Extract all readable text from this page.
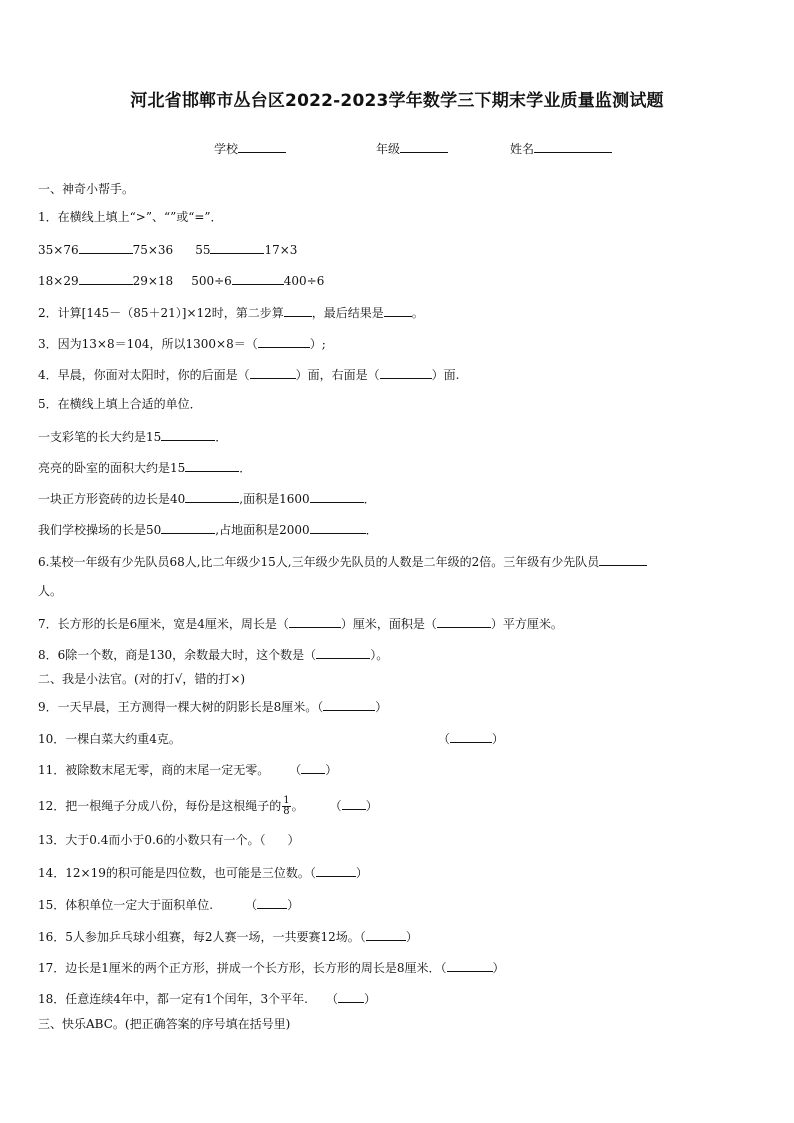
河北省邯郸市丛台区2022-2023学年数学三下期末学业质量监测试题
学校	年级	姓名
一、神奇小帮手。
1．在横线上填上“>”、“”或“=”．
35×76	75×36 55	17×3
18×29	29×18 500÷6	400÷6
2．计算[145－（85＋21）]×12时，第二步算 ，最后结果是 。
3．因为13×8＝104，所以1300×8＝（	）;
4．早晨，你面对太阳时，你的后面是（	）面，右面是（	）面.
5．在横线上填上合适的单位．
一支彩笔的长大约是15	．
亮亮的卧室的面积大约是15	．
一块正方形瓷砖的边长是40	,面积是1600	．
我们学校操场的长是50	,占地面积是2000	．
6.某校一年级有少先队员68人,比二年级少15人,三年级少先队员的人数是二年级的2倍。三年级有少先队员
人。
7．长方形的长是6厘米，宽是4厘米，周长是（	）厘米，面积是（	）平方厘米。
8．6除一个数，商是130，余数最大时，这个数是（	）。
二、我是小法官。(对的打√，错的打×)
9．一天早晨，王方测得一棵大树的阴影长是8厘米。（	）
10．一棵白菜大约重4克。	（	）
11．被除数末尾无零，商的末尾一定无零。 （ ）
12．把一根绳子分成八份，每份是这根绳子的 $\frac{1}{8}$ 。 （ ）
13．大于0.4而小于0.6的小数只有一个。（ ）
14．12×19的积可能是四位数，也可能是三位数。（	）
15．体积单位一定大于面积单位.	（	）
16．5人参加乒乓球小组赛，每2人赛一场，一共要赛12场。（	）
17．边长是1厘米的两个正方形，拼成一个长方形，长方形的周长是8厘米．（	）
18．任意连续4年中，都一定有1个闰年，3个平年. （ ）
三、快乐ABC。(把正确答案的序号填在括号里)
